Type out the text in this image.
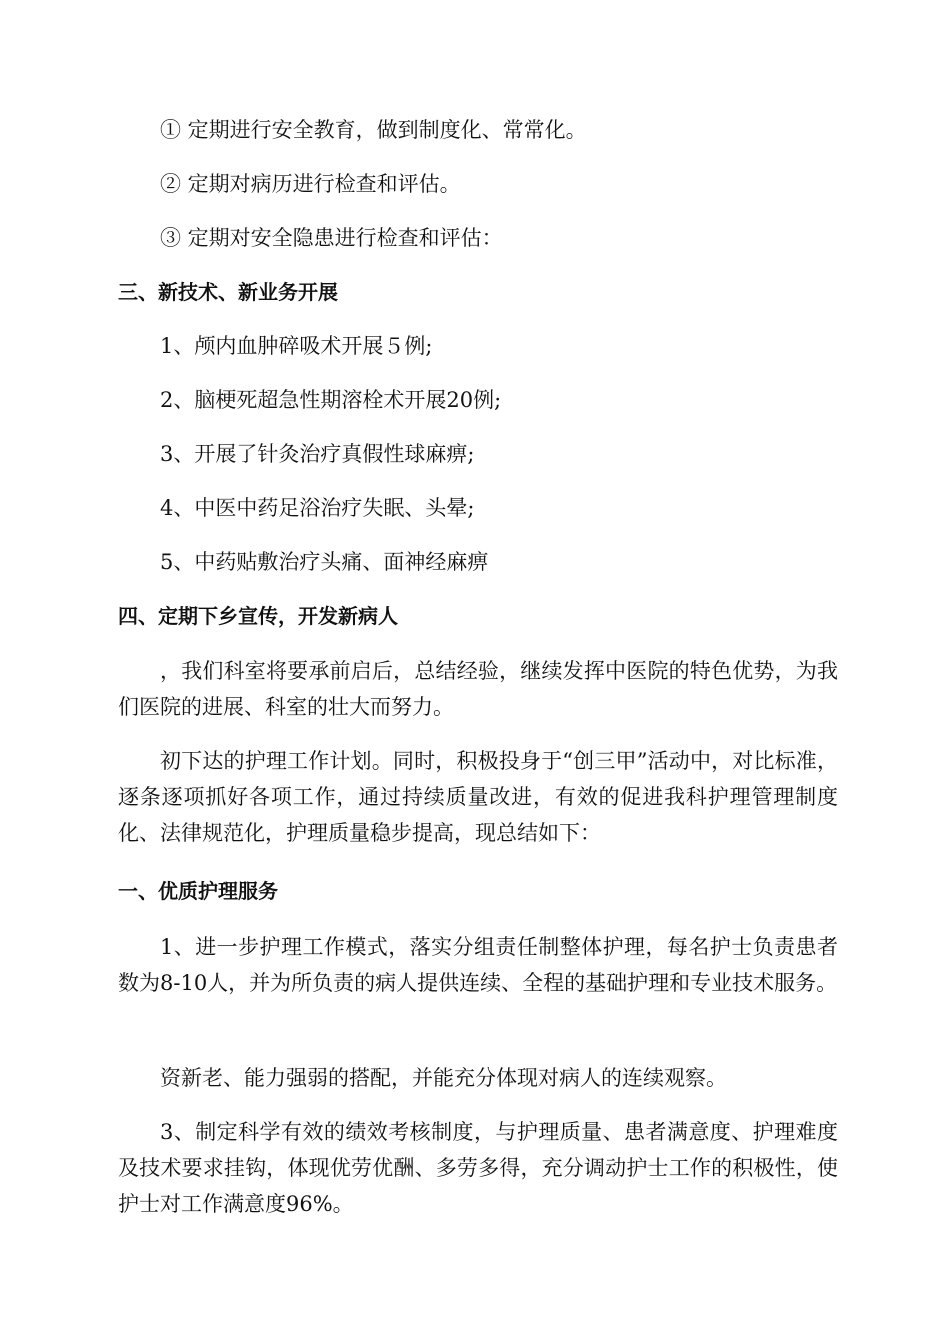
① 定期进行安全教育，做到制度化、常常化。
② 定期对病历进行检查和评估。
③ 定期对安全隐患进行检查和评估：
三、新技术、新业务开展
1、颅内血肿碎吸术开展５例;
2、脑梗死超急性期溶栓术开展20例;
3、开展了针灸治疗真假性球麻痹;
4、中医中药足浴治疗失眠、头晕;
5、中药贴敷治疗头痛、面神经麻痹
四、定期下乡宣传，开发新病人
，我们科室将要承前启后，总结经验，继续发挥中医院的特色优势，为我们医院的进展、科室的壮大而努力。
初下达的护理工作计划。同时，积极投身于“创三甲”活动中，对比标准，逐条逐项抓好各项工作，通过持续质量改进，有效的促进我科护理管理制度化、法律规范化，护理质量稳步提高，现总结如下：
一、优质护理服务
1、进一步护理工作模式，落实分组责任制整体护理，每名护士负责患者数为8-10人，并为所负责的病人提供连续、全程的基础护理和专业技术服务。
资新老、能力强弱的搭配，并能充分体现对病人的连续观察。
3、制定科学有效的绩效考核制度，与护理质量、患者满意度、护理难度及技术要求挂钩，体现优劳优酬、多劳多得，充分调动护士工作的积极性，使护士对工作满意度96%。
